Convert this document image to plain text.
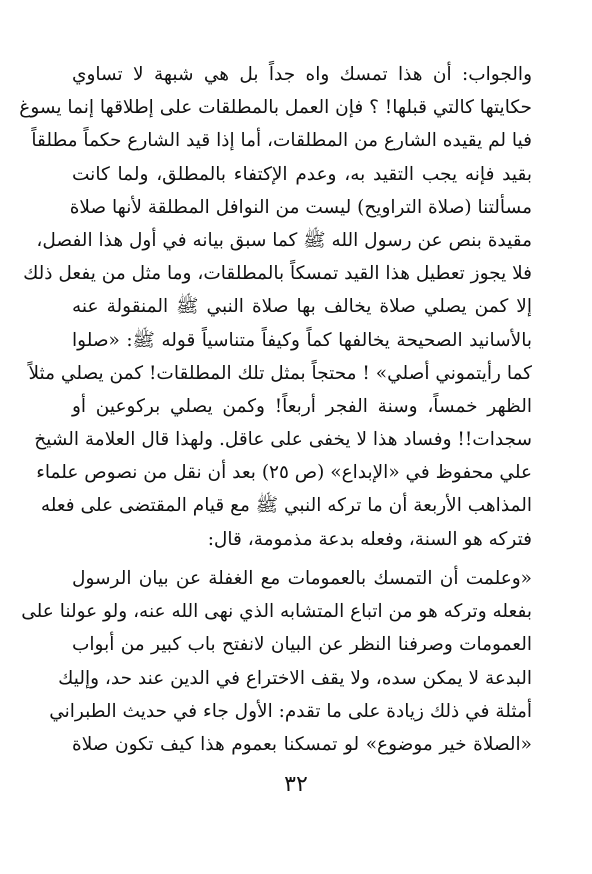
والجواب: أن هذا تمسك واه جداً بل هي شبهة لا تساوي
حكايتها كالتي قبلها! ؟ فإن العمل بالمطلقات على إطلاقها إنما يسوغ
فيا لم يقيده الشارع من المطلقات، أما إذا قيد الشارع حكماً مطلقاً
بقيد فإنه يجب التقيد به، وعدم الإكتفاء بالمطلق، ولما كانت
مسألتنا (صلاة التراويح) ليست من النوافل المطلقة لأنها صلاة
مقيدة بنص عن رسول الله ﷺ كما سبق بيانه في أول هذا الفصل،
فلا يجوز تعطيل هذا القيد تمسكاً بالمطلقات، وما مثل من يفعل ذلك
إلا كمن يصلي صلاة يخالف بها صلاة النبي ﷺ المنقولة عنه
بالأسانيد الصحيحة يخالفها كماً وكيفاً متناسياً قوله ﷺ: «صلوا
كما رأيتموني أصلي» ! محتجاً بمثل تلك المطلقات! كمن يصلي مثلاً
الظهر خمساً، وسنة الفجر أربعاً! وكمن يصلي بركوعين أو
سجدات!! وفساد هذا لا يخفى على عاقل. ولهذا قال العلامة الشيخ
علي محفوظ في «الإبداع» (ص ٢٥) بعد أن نقل من نصوص علماء
المذاهب الأربعة أن ما تركه النبي ﷺ مع قيام المقتضى على فعله
فتركه هو السنة، وفعله بدعة مذمومة، قال:
«وعلمت أن التمسك بالعمومات مع الغفلة عن بيان الرسول
بفعله وتركه هو من اتباع المتشابه الذي نهى الله عنه، ولو عولنا على
العمومات وصرفنا النظر عن البيان لانفتح باب كبير من أبواب
البدعة لا يمكن سده، ولا يقف الاختراع في الدين عند حد، وإليك
أمثلة في ذلك زيادة على ما تقدم: الأول جاء في حديث الطبراني
«الصلاة خير موضوع» لو تمسكنا بعموم هذا كيف تكون صلاة
٣٢
